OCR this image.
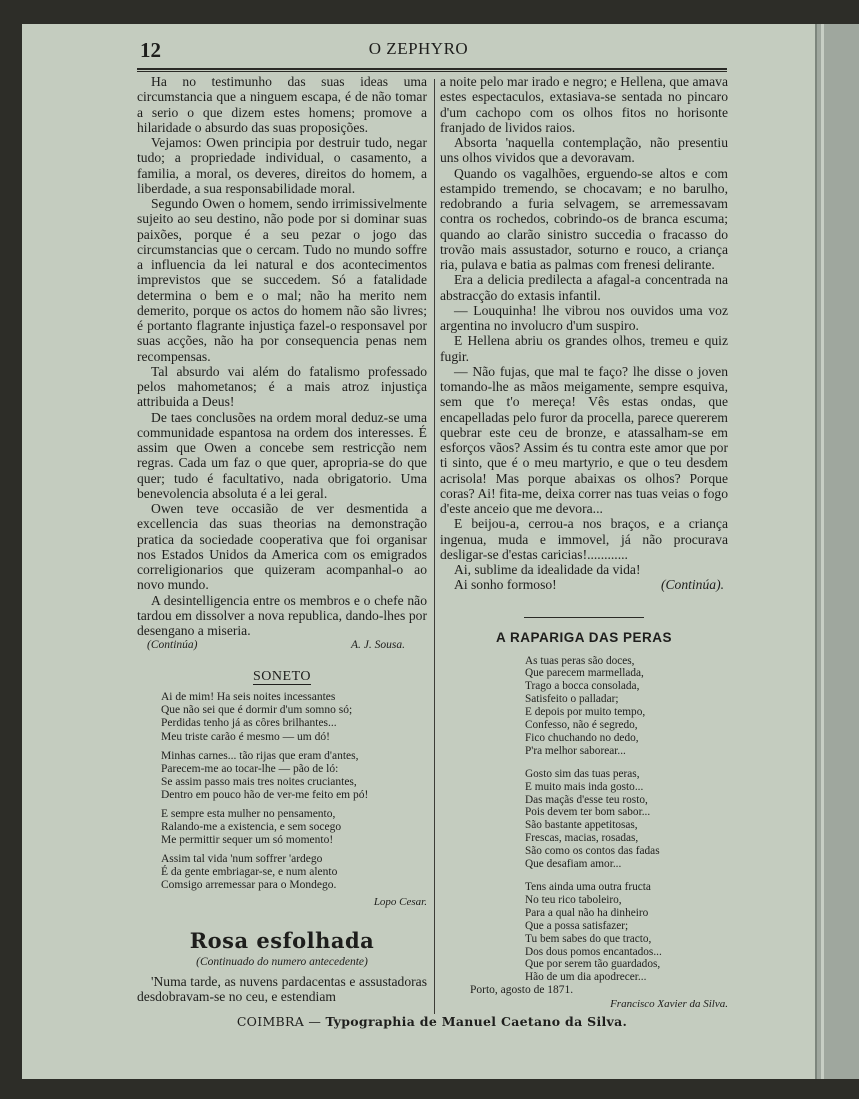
12	O ZEPHYRO

Ha no testimunho das suas ideas uma circumstancia que a ninguem escapa, é de não tomar a serio o que dizem estes homens; promove a hilaridade o absurdo das suas proposições.

Vejamos: Owen principia por destruir tudo, negar tudo; a propriedade individual, o casamento, a familia, a moral, os deveres, direitos do homem, a liberdade, a sua responsabilidade moral.

Segundo Owen o homem, sendo irrimissivelmente sujeito ao seu destino, não pode por si dominar suas paixões, porque é a seu pezar o jogo das circumstancias que o cercam. Tudo no mundo soffre a influencia da lei natural e dos acontecimentos imprevistos que se succedem. Só a fatalidade determina o bem e o mal; não ha merito nem demerito, porque os actos do homem não são livres; é portanto flagrante injustiça fazel-o responsavel por suas acções, não ha por consequencia penas nem recompensas.

Tal absurdo vai além do fatalismo professado pelos mahometanos; é a mais atroz injustiça attribuida a Deus!

De taes conclusões na ordem moral deduz-se uma communidade espantosa na ordem dos interesses. É assim que Owen a concebe sem restricção nem regras. Cada um faz o que quer, apropria-se do que quer; tudo é facultativo, nada obrigatorio. Uma benevolencia absoluta é a lei geral.

Owen teve occasião de ver desmentida a excellencia das suas theorias na demonstração pratica da sociedade cooperativa que foi organisar nos Estados Unidos da America com os emigrados correligionarios que quizeram acompanhal-o ao novo mundo.

A desintelligencia entre os membros e o chefe não tardou em dissolver a nova republica, dando-lhes por desengano a miseria.

(Continúa)	A. J. Sousa.
SONETO
Ai de mim! Ha seis noites incessantes
Que não sei que é dormir d'um somno só;
Perdidas tenho já as côres brilhantes...
Meu triste carão é mesmo — um dó!
Minhas carnes... tão rijas que eram d'antes,
Parecem-me ao tocar-lhe — pão de ló:
Se assim passo mais tres noites cruciantes,
Dentro em pouco hão de ver-me feito em pó!
E sempre esta mulher no pensamento,
Ralando-me a existencia, e sem socego
Me permittir sequer um só momento!
Assim tal vida 'num soffrer 'ardego
É da gente embriagar-se, e num alento
Comsigo arremessar para o Mondego.
Lopo Cesar.
Rosa esfolhada
(Continuado do numero antecedente)

'Numa tarde, as nuvens pardacentas e assustadoras desdobravam-se no ceu, e estendiam

a noite pelo mar irado e negro; e Hellena, que amava estes espectaculos, extasiava-se sentada no pincaro d'um cachopo com os olhos fitos no horisonte franjado de lividos raios.

Absorta 'naquella contemplação, não presentiu uns olhos vividos que a devoravam.

Quando os vagalhões, erguendo-se altos e com estampido tremendo, se chocavam; e no barulho, redobrando a furia selvagem, se arremessavam contra os rochedos, cobrindo-os de branca escuma; quando ao clarão sinistro succedia o fracasso do trovão mais assustador, soturno e rouco, a criança ria, pulava e batia as palmas com frenesi delirante.

Era a delicia predilecta a afagal-a concentrada na abstracção do extasis infantil.

— Louquinha! lhe vibrou nos ouvidos uma voz argentina no involucro d'um suspiro.

E Hellena abriu os grandes olhos, tremeu e quiz fugir.

— Não fujas, que mal te faço? lhe disse o joven tomando-lhe as mãos meigamente, sempre esquiva, sem que t'o mereça! Vês estas ondas, que encapelladas pelo furor da procella, parece quererem quebrar este ceu de bronze, e atassalham-se em esforços vãos? Assim és tu contra este amor que por ti sinto, que é o meu martyrio, e que o teu desdem acrisola! Mas porque abaixas os olhos? Porque coras? Ai! fita-me, deixa correr nas tuas veias o fogo d'este anceio que me devora...

E beijou-a, cerrou-a nos braços, e a criança ingenua, muda e immovel, já não procurava desligar-se d'estas caricias!............

Ai, sublime da idealidade da vida!

Ai sonho formoso!	(Continúa).
A RAPARIGA DAS PERAS
As tuas peras são doces,
Que parecem marmellada,
Trago a bocca consolada,
Satisfeito o palladar;
E depois por muito tempo,
Confesso, não é segredo,
Fico chuchando no dedo,
P'ra melhor saborear...
Gosto sim das tuas peras,
E muito mais inda gosto...
Das maçãs d'esse teu rosto,
Pois devem ter bom sabor...
São bastante appetitosas,
Frescas, macias, rosadas,
São como os contos das fadas
Que desafiam amor...
Tens ainda uma outra fructa
No teu rico taboleiro,
Para a qual não ha dinheiro
Que a possa satisfazer;
Tu bem sabes do que tracto,
Dos dous pomos encantados...
Que por serem tão guardados,
Hão de um dia apodrecer...
Porto, agosto de 1871.
Francisco Xavier da Silva.
COIMBRA — Typographia de Manuel Caetano da Silva.
